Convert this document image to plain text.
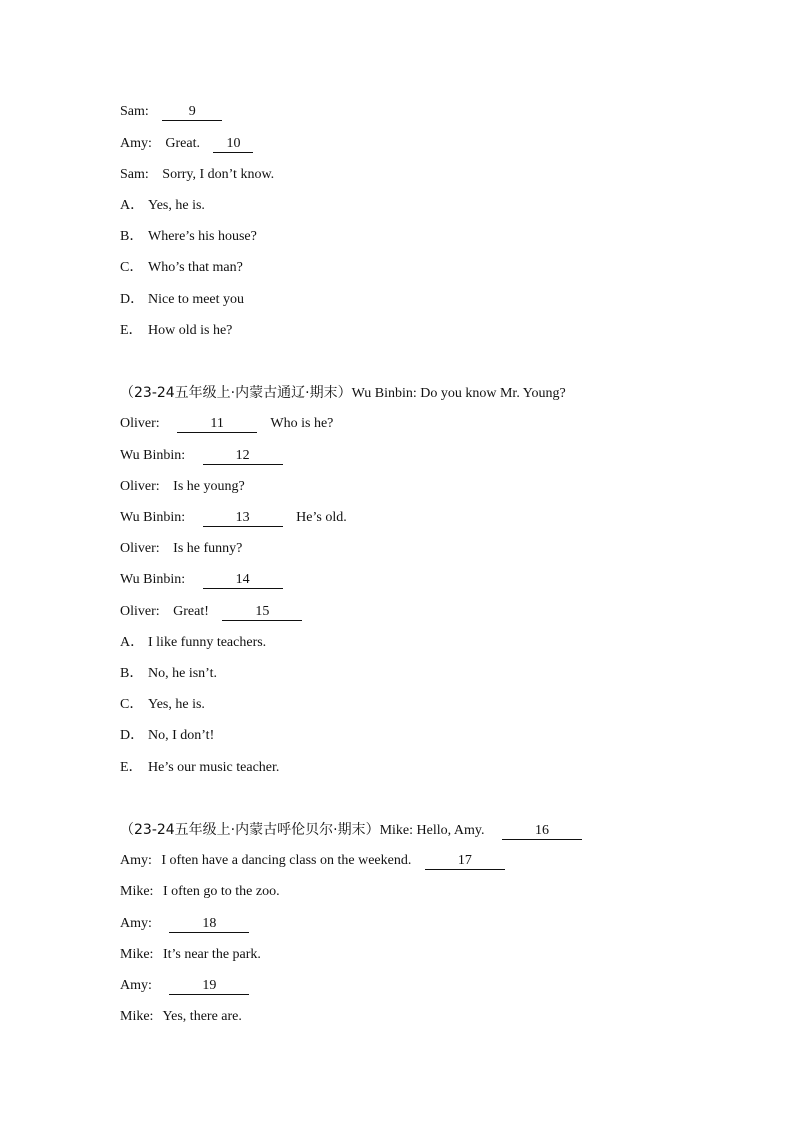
Sam:	9
Amy: Great. 10
Sam: Sorry, I don’t know.
A． Yes, he is.
B． Where’s his house?
C． Who’s that man?
D． Nice to meet you
E． How old is he?
（23-24五年级上·内蒙古通辽·期末）Wu Binbin: Do you know Mr. Young?
Oliver:	11	Who is he?
Wu Binbin:	12
Oliver: Is he young?
Wu Binbin:	13	He’s old.
Oliver: Is he funny?
Wu Binbin:	14
Oliver: Great!	15
A． I like funny teachers.
B． No, he isn’t.
C． Yes, he is.
D． No, I don’t!
E． He’s our music teacher.
（23-24五年级上·内蒙古呼伦贝尔·期末）Mike: Hello, Amy.	16
Amy: I often have a dancing class on the weekend.	17
Mike: I often go to the zoo.
Amy:	18
Mike: It’s near the park.
Amy:	19
Mike: Yes, there are.
